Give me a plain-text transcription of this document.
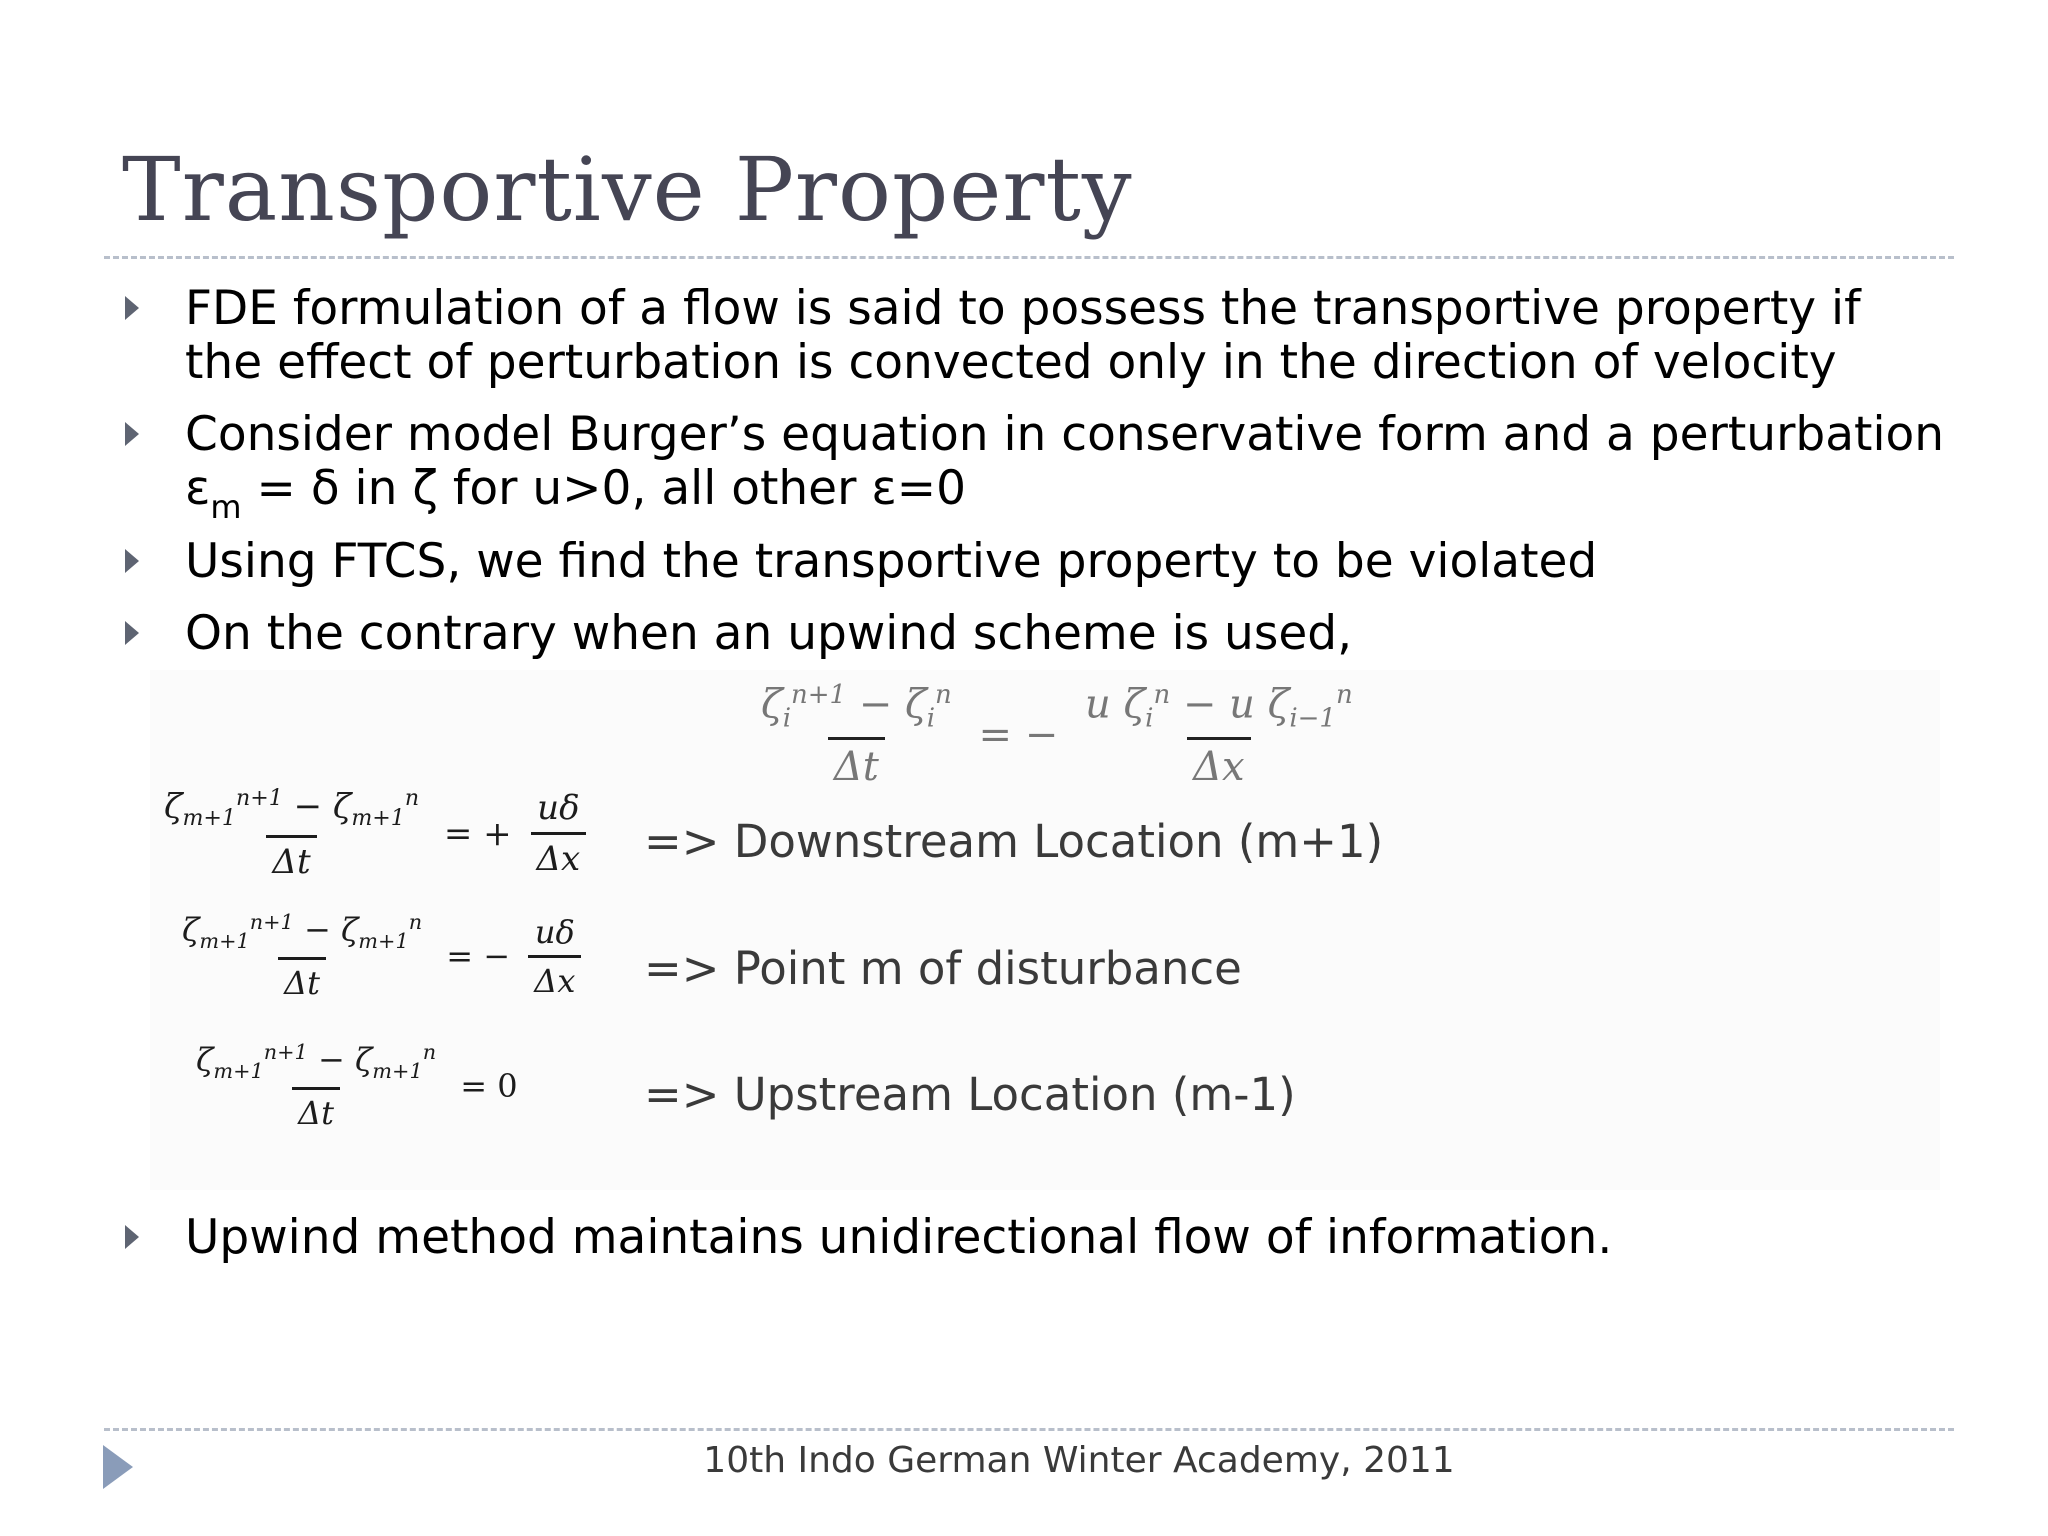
Transportive Property
FDE formulation of a flow is said to possess the transportive property if the effect of perturbation is convected only in the direction of velocity
Consider model Burger’s equation in conservative form and a perturbation
$\varepsilon_m = \delta$ in ζ for u>0, all other ε=0
Using FTCS, we find the transportive property to be violated
On the contrary when an upwind scheme is used,
$\frac{\zeta_i^{n+1} - \zeta_i^n}{\Delta t}$ = − $\frac{u \zeta_i^n - u \zeta_{i-1}^n}{\Delta x}$
$\frac{\zeta_{m+1}^{n+1} - \zeta_{m+1}^n}{\Delta t}$ = + $\frac{u\delta}{\Delta x}$ => Downstream Location (m+1)
$\frac{\zeta_{m+1}^{n+1} - \zeta_{m+1}^n}{\Delta t}$ = − $\frac{u\delta}{\Delta x}$ => Point m of disturbance
$\frac{\zeta_{m+1}^{n+1} - \zeta_{m+1}^n}{\Delta t} = 0$	=> Upstream Location (m-1)
Upwind method maintains unidirectional flow of information.
10th Indo German Winter Academy, 2011
